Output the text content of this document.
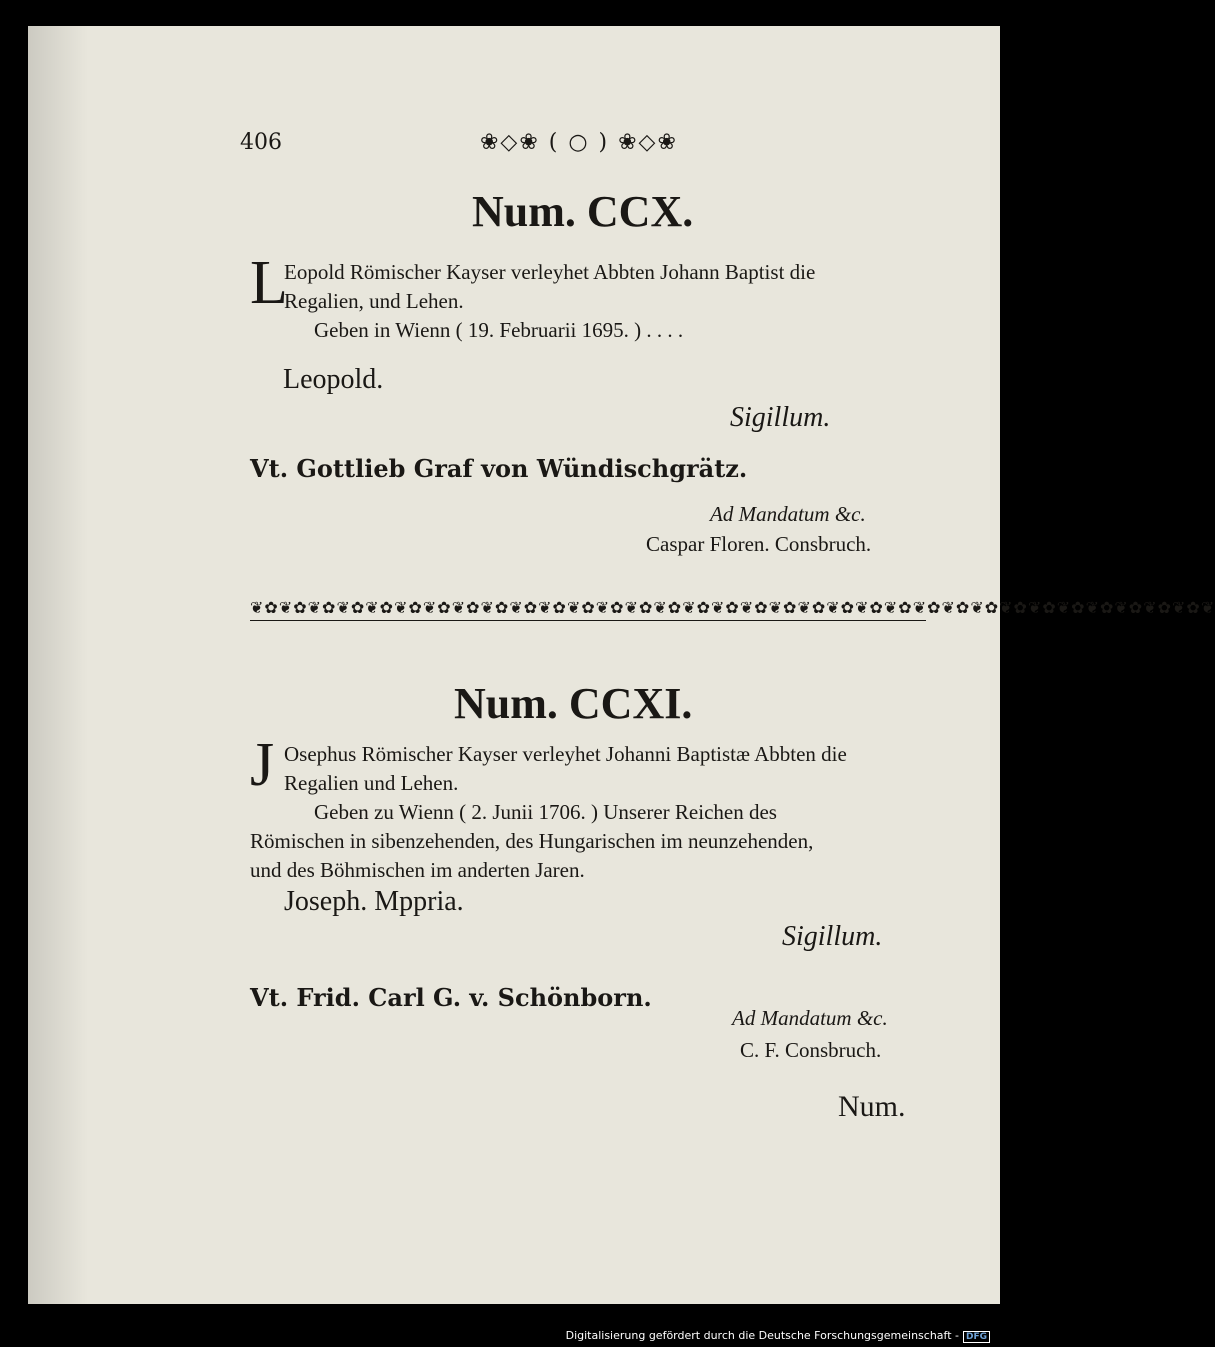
406	❀◇❀ ( ○ ) ❀◇❀
Num. CCX.
L
Eopold Römischer Kayser verleyhet Abbten Johann Baptist die
Regalien, und Lehen.
Geben in Wienn ( 19. Februarii 1695. ) . . . .
Leopold.
Sigillum.
Vt. Gottlieb Graf von Wündischgrätz.
Ad Mandatum &c.
Caspar Floren. Consbruch.
❦✿❦✿❦✿❦✿❦✿❦✿❦✿❦✿❦✿❦✿❦✿❦✿❦✿❦✿❦✿❦✿❦✿❦✿❦✿❦✿❦✿❦✿❦✿❦✿❦✿❦✿❦✿❦✿❦✿❦✿❦✿❦✿❦✿❦
Num. CCXI.
J Osephus Römischer Kayser verleyhet Johanni Baptistæ Abbten die
Regalien und Lehen.
Geben zu Wienn ( 2. Junii 1706. ) Unserer Reichen des
Römischen in sibenzehenden, des Hungarischen im neunzehenden,
und des Böhmischen im anderten Jaren.
Joseph. Mppria.
Sigillum.
Vt. Frid. Carl G. v. Schönborn.
Ad Mandatum &c.
C. F. Consbruch.
Num.
Digitalisierung gefördert durch die Deutsche Forschungsgemeinschaft - DFG
